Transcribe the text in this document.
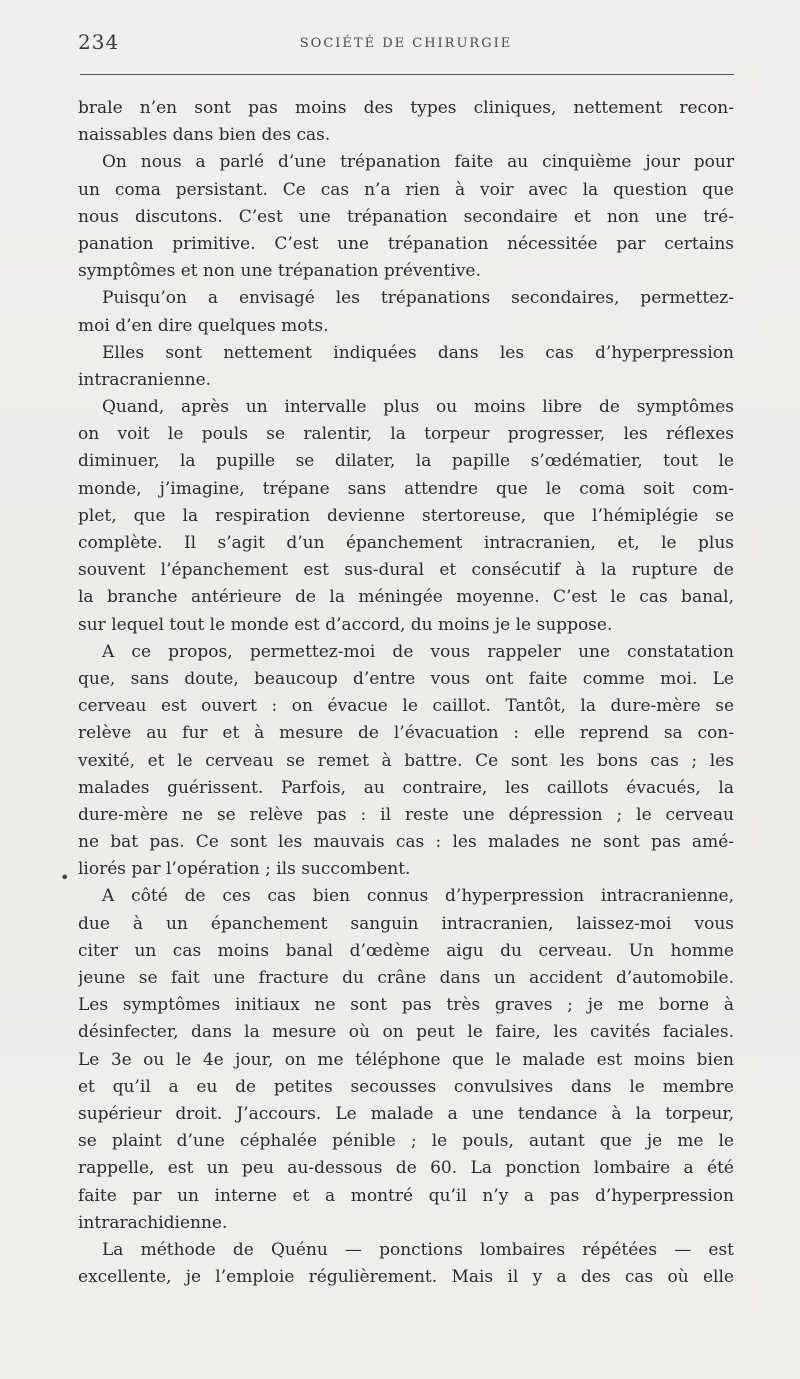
234	SOCIÉTÉ DE CHIRURGIE
•
brale n’en sont pas moins des types cliniques, nettement recon-
naissables dans bien des cas.
On nous a parlé d’une trépanation faite au cinquième jour pour
un coma persistant. Ce cas n’a rien à voir avec la question que
nous discutons. C’est une trépanation secondaire et non une tré-
panation primitive. C’est une trépanation nécessitée par certains
symptômes et non une trépanation préventive.
Puisqu’on a envisagé les trépanations secondaires, permettez-
moi d’en dire quelques mots.
Elles sont nettement indiquées dans les cas d’hyperpression
intracranienne.
Quand, après un intervalle plus ou moins libre de symptômes
on voit le pouls se ralentir, la torpeur progresser, les réflexes
diminuer, la pupille se dilater, la papille s’œdématier, tout le
monde, j’imagine, trépane sans attendre que le coma soit com-
plet, que la respiration devienne stertoreuse, que l’hémiplégie se
complète. Il s’agit d’un épanchement intracranien, et, le plus
souvent l’épanchement est sus-dural et consécutif à la rupture de
la branche antérieure de la méningée moyenne. C’est le cas banal,
sur lequel tout le monde est d’accord, du moins je le suppose.
A ce propos, permettez-moi de vous rappeler une constatation
que, sans doute, beaucoup d’entre vous ont faite comme moi. Le
cerveau est ouvert : on évacue le caillot. Tantôt, la dure-mère se
relève au fur et à mesure de l’évacuation : elle reprend sa con-
vexité, et le cerveau se remet à battre. Ce sont les bons cas ; les
malades guérissent. Parfois, au contraire, les caillots évacués, la
dure-mère ne se relève pas : il reste une dépression ; le cerveau
ne bat pas. Ce sont les mauvais cas : les malades ne sont pas amé-
liorés par l’opération ; ils succombent.
A côté de ces cas bien connus d’hyperpression intracranienne,
due à un épanchement sanguin intracranien, laissez-moi vous
citer un cas moins banal d’œdème aigu du cerveau. Un homme
jeune se fait une fracture du crâne dans un accident d’automobile.
Les symptômes initiaux ne sont pas très graves ; je me borne à
désinfecter, dans la mesure où on peut le faire, les cavités faciales.
Le 3e ou le 4e jour, on me téléphone que le malade est moins bien
et qu’il a eu de petites secousses convulsives dans le membre
supérieur droit. J’accours. Le malade a une tendance à la torpeur,
se plaint d’une céphalée pénible ; le pouls, autant que je me le
rappelle, est un peu au-dessous de 60. La ponction lombaire a été
faite par un interne et a montré qu’il n’y a pas d’hyperpression
intrarachidienne.
La méthode de Quénu — ponctions lombaires répétées — est
excellente, je l’emploie régulièrement. Mais il y a des cas où elle
